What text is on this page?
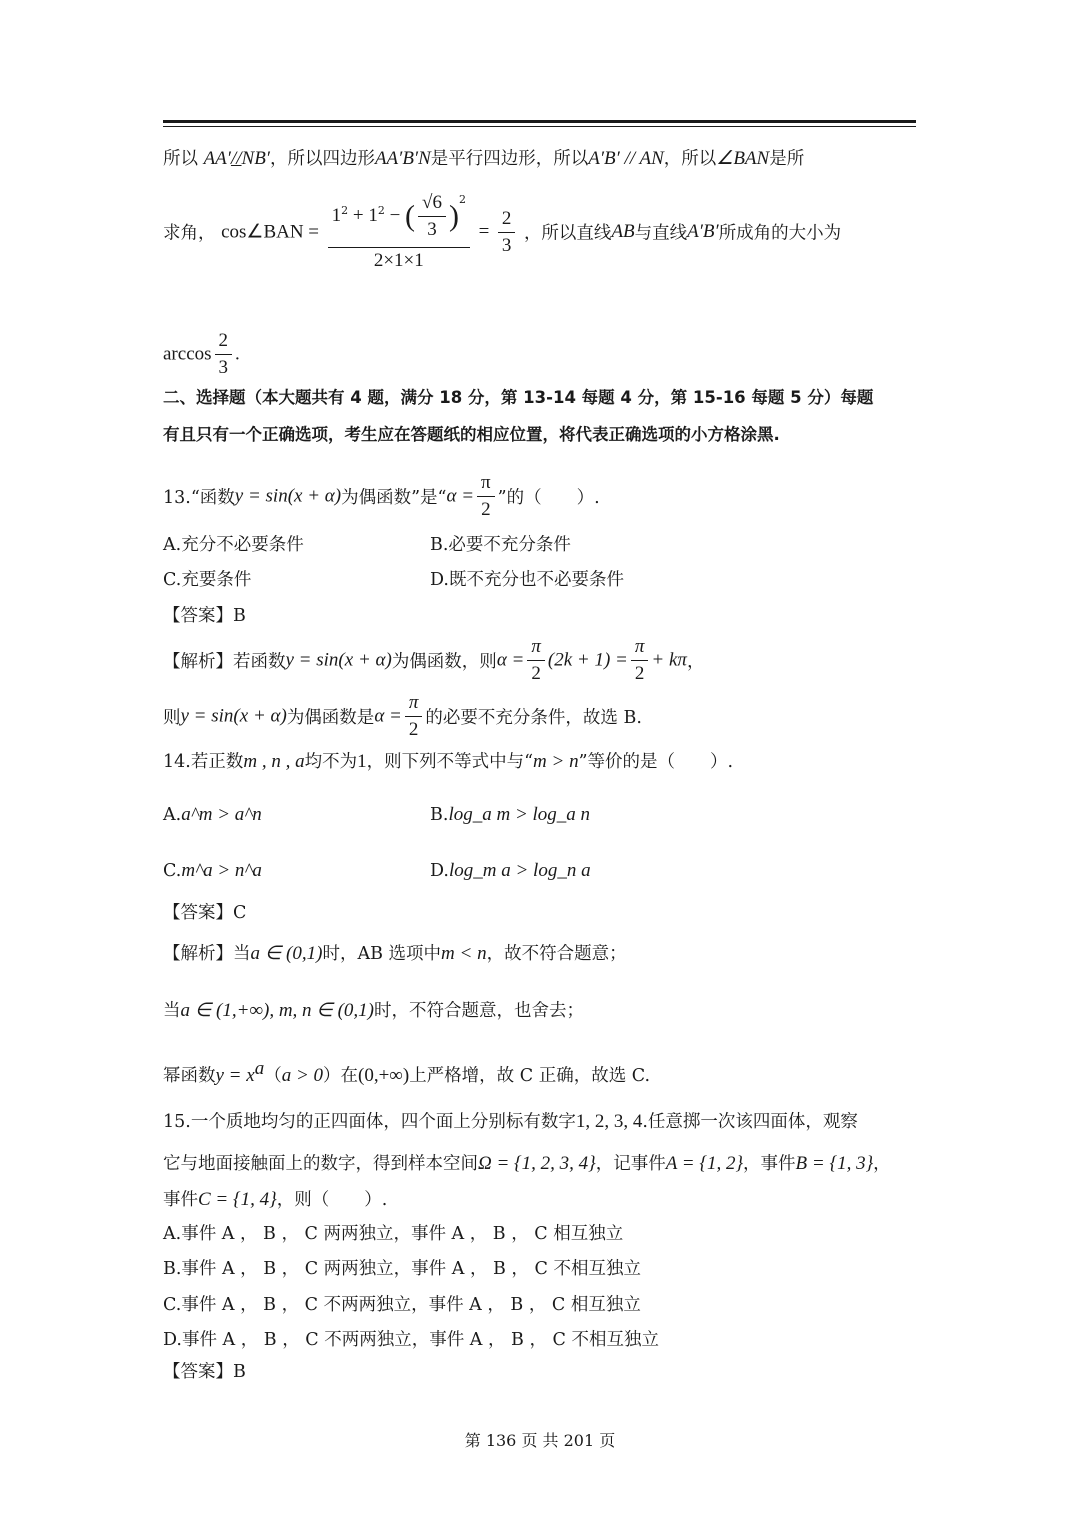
所以 AA′//NB′，所以四边形AA′B′N是平行四边形，所以A′B′ // AN，所以∠BAN是所
求角， cos∠BAN = $\frac{1^2 + 1^2 - ( \frac{√6}{3} )^2}{2\times 1\times 1} = \frac{2}{3}$ ，所以直线AB与直线A′B′所成角的大小为
$\arccos \frac{2}{3}$ .
二、选择题（本大题共有 4 题，满分 18 分，第 13-14 每题 4 分，第 15-16 每题 5 分）每题
有且只有一个正确选项，考生应在答题纸的相应位置，将代表正确选项的小方格涂黑.
13.“函数y = sin(x + α)为偶函数”是“$\alpha = \frac{\pi}{2}$ ”的（　　）.
A.充分不必要条件	B.必要不充分条件
C.充要条件	D.既不充分也不必要条件
【答案】B
【解析】若函数y = sin(x + α)为偶函数，则$\alpha = \frac{\pi}{2} (2k + 1) = \frac{\pi}{2} + k\pi$，
则y = sin(x + α)为偶函数是$\alpha = \frac{\pi}{2}$ 的必要不充分条件，故选 B.
14.若正数m , n , a均不为1，则下列不等式中与“m > n”等价的是（　　）.
A.a^m > a^n	B.log_a m > log_a n
C.m^a > n^a	D.log_m a > log_n a
【答案】C
【解析】当a ∈ (0,1)时，AB 选项中m < n，故不符合题意；
当a ∈ (1,+∞), m, n ∈ (0,1)时，不符合题意，也舍去；
幂函数$y = x^a(a > 0)$在(0,+∞)上严格增，故 C 正确，故选 C.
15.一个质地均匀的正四面体，四个面上分别标有数字1, 2, 3, 4.任意掷一次该四面体，观察
它与地面接触面上的数字，得到样本空间Ω = {1, 2, 3, 4}，记事件A = {1, 2}，事件B = {1, 3}，
事件C = {1, 4}，则（　　）.
A.事件 A ， B ， C 两两独立，事件 A ， B ， C 相互独立
B.事件 A ， B ， C 两两独立，事件 A ， B ， C 不相互独立
C.事件 A ， B ， C 不两两独立，事件 A ， B ， C 相互独立
D.事件 A ， B ， C 不两两独立，事件 A ， B ， C 不相互独立
【答案】B
第 136 页 共 201 页
